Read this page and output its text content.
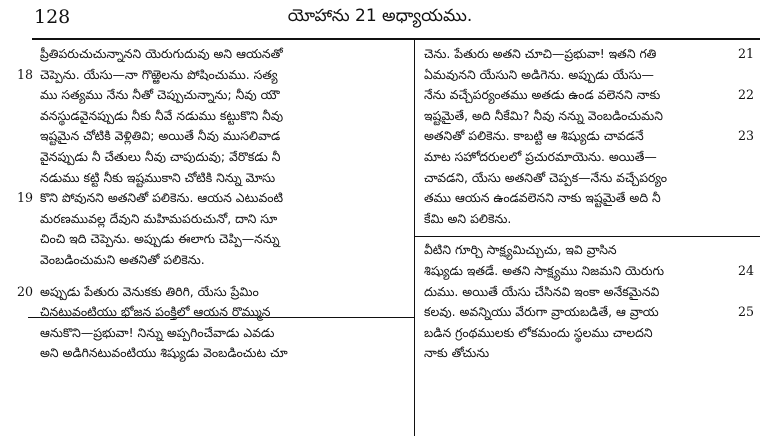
128	యోహాను 21 అధ్యాయము.
ప్రీతిపరుచుచున్నానని యెరుగుదువు అని ఆయనతో
చెప్పెను. యేసు—నా గొఱ్ఱెలను పోషించుము. సత్య
18
ము సత్యము నేను నీతో చెప్పుచున్నాను; నీవు యౌ
వనస్థుడవైనప్పుడు నీకు నీవే నడుము కట్టుకొని నీవు
ఇష్టమైన చోటికి వెళ్లితివి; అయితే నీవు ముసలివాడ
వైనప్పుడు నీ చేతులు నీవు చాపుదువు; వేరొకడు నీ
నడుము కట్టి నీకు ఇష్టముకాని చోటికి నిన్ను మోసు
కొని పోవునని అతనితో పలికెను. ఆయన ఎటువంటి
19
మరణమువల్ల దేవుని మహిమపరుచునో, దాని సూ
చించి ఇది చెప్పెను. అప్పుడు ఈలాగు చెప్పి—నన్ను
వెంబడించుమని అతనితో పలికెను.
అప్పుడు పేతురు వెనుకకు తిరిగి, యేసు ప్రేమిం
20
చినటువంటియు భోజన పంక్తిలో ఆయన రొమ్మున
ఆనుకొని—ప్రభువా! నిన్ను అప్పగించేవాడు ఎవడు
అని అడిగినటువంటియు శిష్యుడు వెంబడించుట చూ
చెను. పేతురు అతని చూచి—ప్రభువా! ఇతని గతి	21
ఏమవునని యేసుని అడిగెను. అప్పుడు యేసు—
నేను వచ్చేపర్యంతము అతడు ఉండ వలెనని నాకు	22
ఇష్టమైతే, అది నీకేమి? నీవు నన్ను వెంబడించుమని
అతనితో పలికెను. కాబట్టి ఆ శిష్యుడు చావడనే	23
మాట సహోదరులలో ప్రచురమాయెను. అయితే—
చావడని, యేసు అతనితో చెప్పక—నేను వచ్చేపర్యం
తము ఆయన ఉండవలెనని నాకు ఇష్టమైతే అది నీ
కేమి అని పలికెను.
వీటిని గూర్చి సాక్ష్యమిచ్చుచు, ఇవి వ్రాసిన
శిష్యుడు ఇతడే. అతని సాక్ష్యము నిజమని యెరుగు	24
దుము. అయితే యేసు చేసినవి ఇంకా అనేకమైనవి
కలవు. అవన్నియు వేరుగా వ్రాయబడితే, ఆ వ్రాయ	25
బడిన గ్రంథములకు లోకమందు స్థలము చాలదని
నాకు తోచును
